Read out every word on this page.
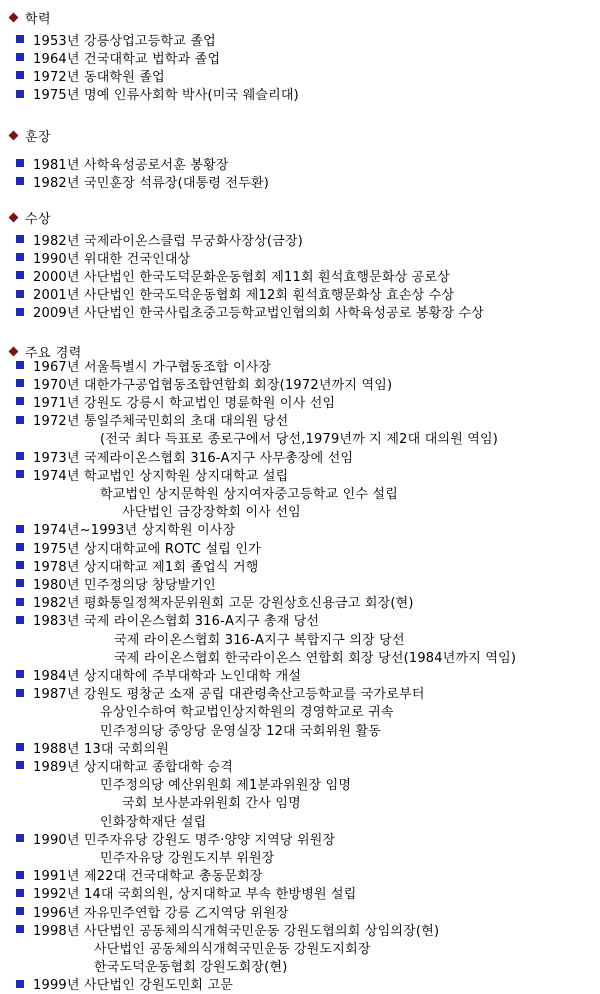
학력
1953년 강릉상업고등학교 졸업
1964년 건국대학교 법학과 졸업
1972년 동대학원 졸업
1975년 명예 인류사회학 박사(미국 웨슬리대)
훈장
1981년 사학육성공로서훈 봉황장
1982년 국민훈장 석류장(대통령 전두환)
수상
1982년 국제라이온스클럽 무궁화사장상(금장)
1990년 위대한 건국인대상
2000년 사단법인 한국도덕문화운동협회 제11회 훤석효행문화상 공로상
2001년 사단법인 한국도덕운동협회 제12회 훤석효행문화상 효손상 수상
2009년 사단법인 한국사립초중고등학교법인협의회 사학육성공로 봉황장 수상
주요 경력
1967년 서울특별시 가구협동조합 이사장
1970년 대한가구공업협동조합연합회 회장(1972년까지 역임)
1971년 강원도 강릉시 학교법인 명륜학원 이사 선임
1972년 통일주체국민회의 초대 대의원 당선
(전국 최다 득표로 종로구에서 당선,1979년까 지 제2대 대의원 역임)
1973년 국제라이온스협회 316-A지구 사무총장에 선임
1974년 학교법인 상지학원 상지대학교 설립
학교법인 상지문학원 상지여자중고등학교 인수 설립
사단법인 금강장학회 이사 선임
1974년~1993년 상지학원 이사장
1975년 상지대학교에 ROTC 설립 인가
1978년 상지대학교 제1회 졸업식 거행
1980년 민주정의당 창당발기인
1982년 평화통일정책자문위원회 고문 강원상호신용금고 회장(현)
1983년 국제 라이온스협회 316-A지구 총재 당선
국제 라이온스협회 316-A지구 복합지구 의장 당선
국제 라이온스협회 한국라이온스 연합회 회장 당선(1984년까지 역임)
1984년 상지대학에 주부대학과 노인대학 개설
1987년 강원도 평창군 소재 공립 대관령축산고등학교를 국가로부터
유상인수하여 학교법인상지학원의 경영학교로 귀속
민주정의당 중앙당 운영실장 12대 국회위원 활동
1988년 13대 국회의원
1989년 상지대학교 종합대학 승격
민주정의당 예산위원회 제1분과위원장 임명
국회 보사분과위원회 간사 임명
인화장학재단 설립
1990년 민주자유당 강원도 명주·양양 지역당 위원장
민주자유당 강원도지부 위원장
1991년 제22대 건국대학교 총동문회장
1992년 14대 국회의원, 상지대학교 부속 한방병원 설립
1996년 자유민주연합 강릉 乙지역당 위원장
1998년 사단법인 공동체의식개혁국민운동 강원도협의회 상임의장(현)
사단법인 공동체의식개혁국민운동 강원도지회장
한국도덕운동협회 강원도회장(현)
1999년 사단법인 강원도민회 고문
